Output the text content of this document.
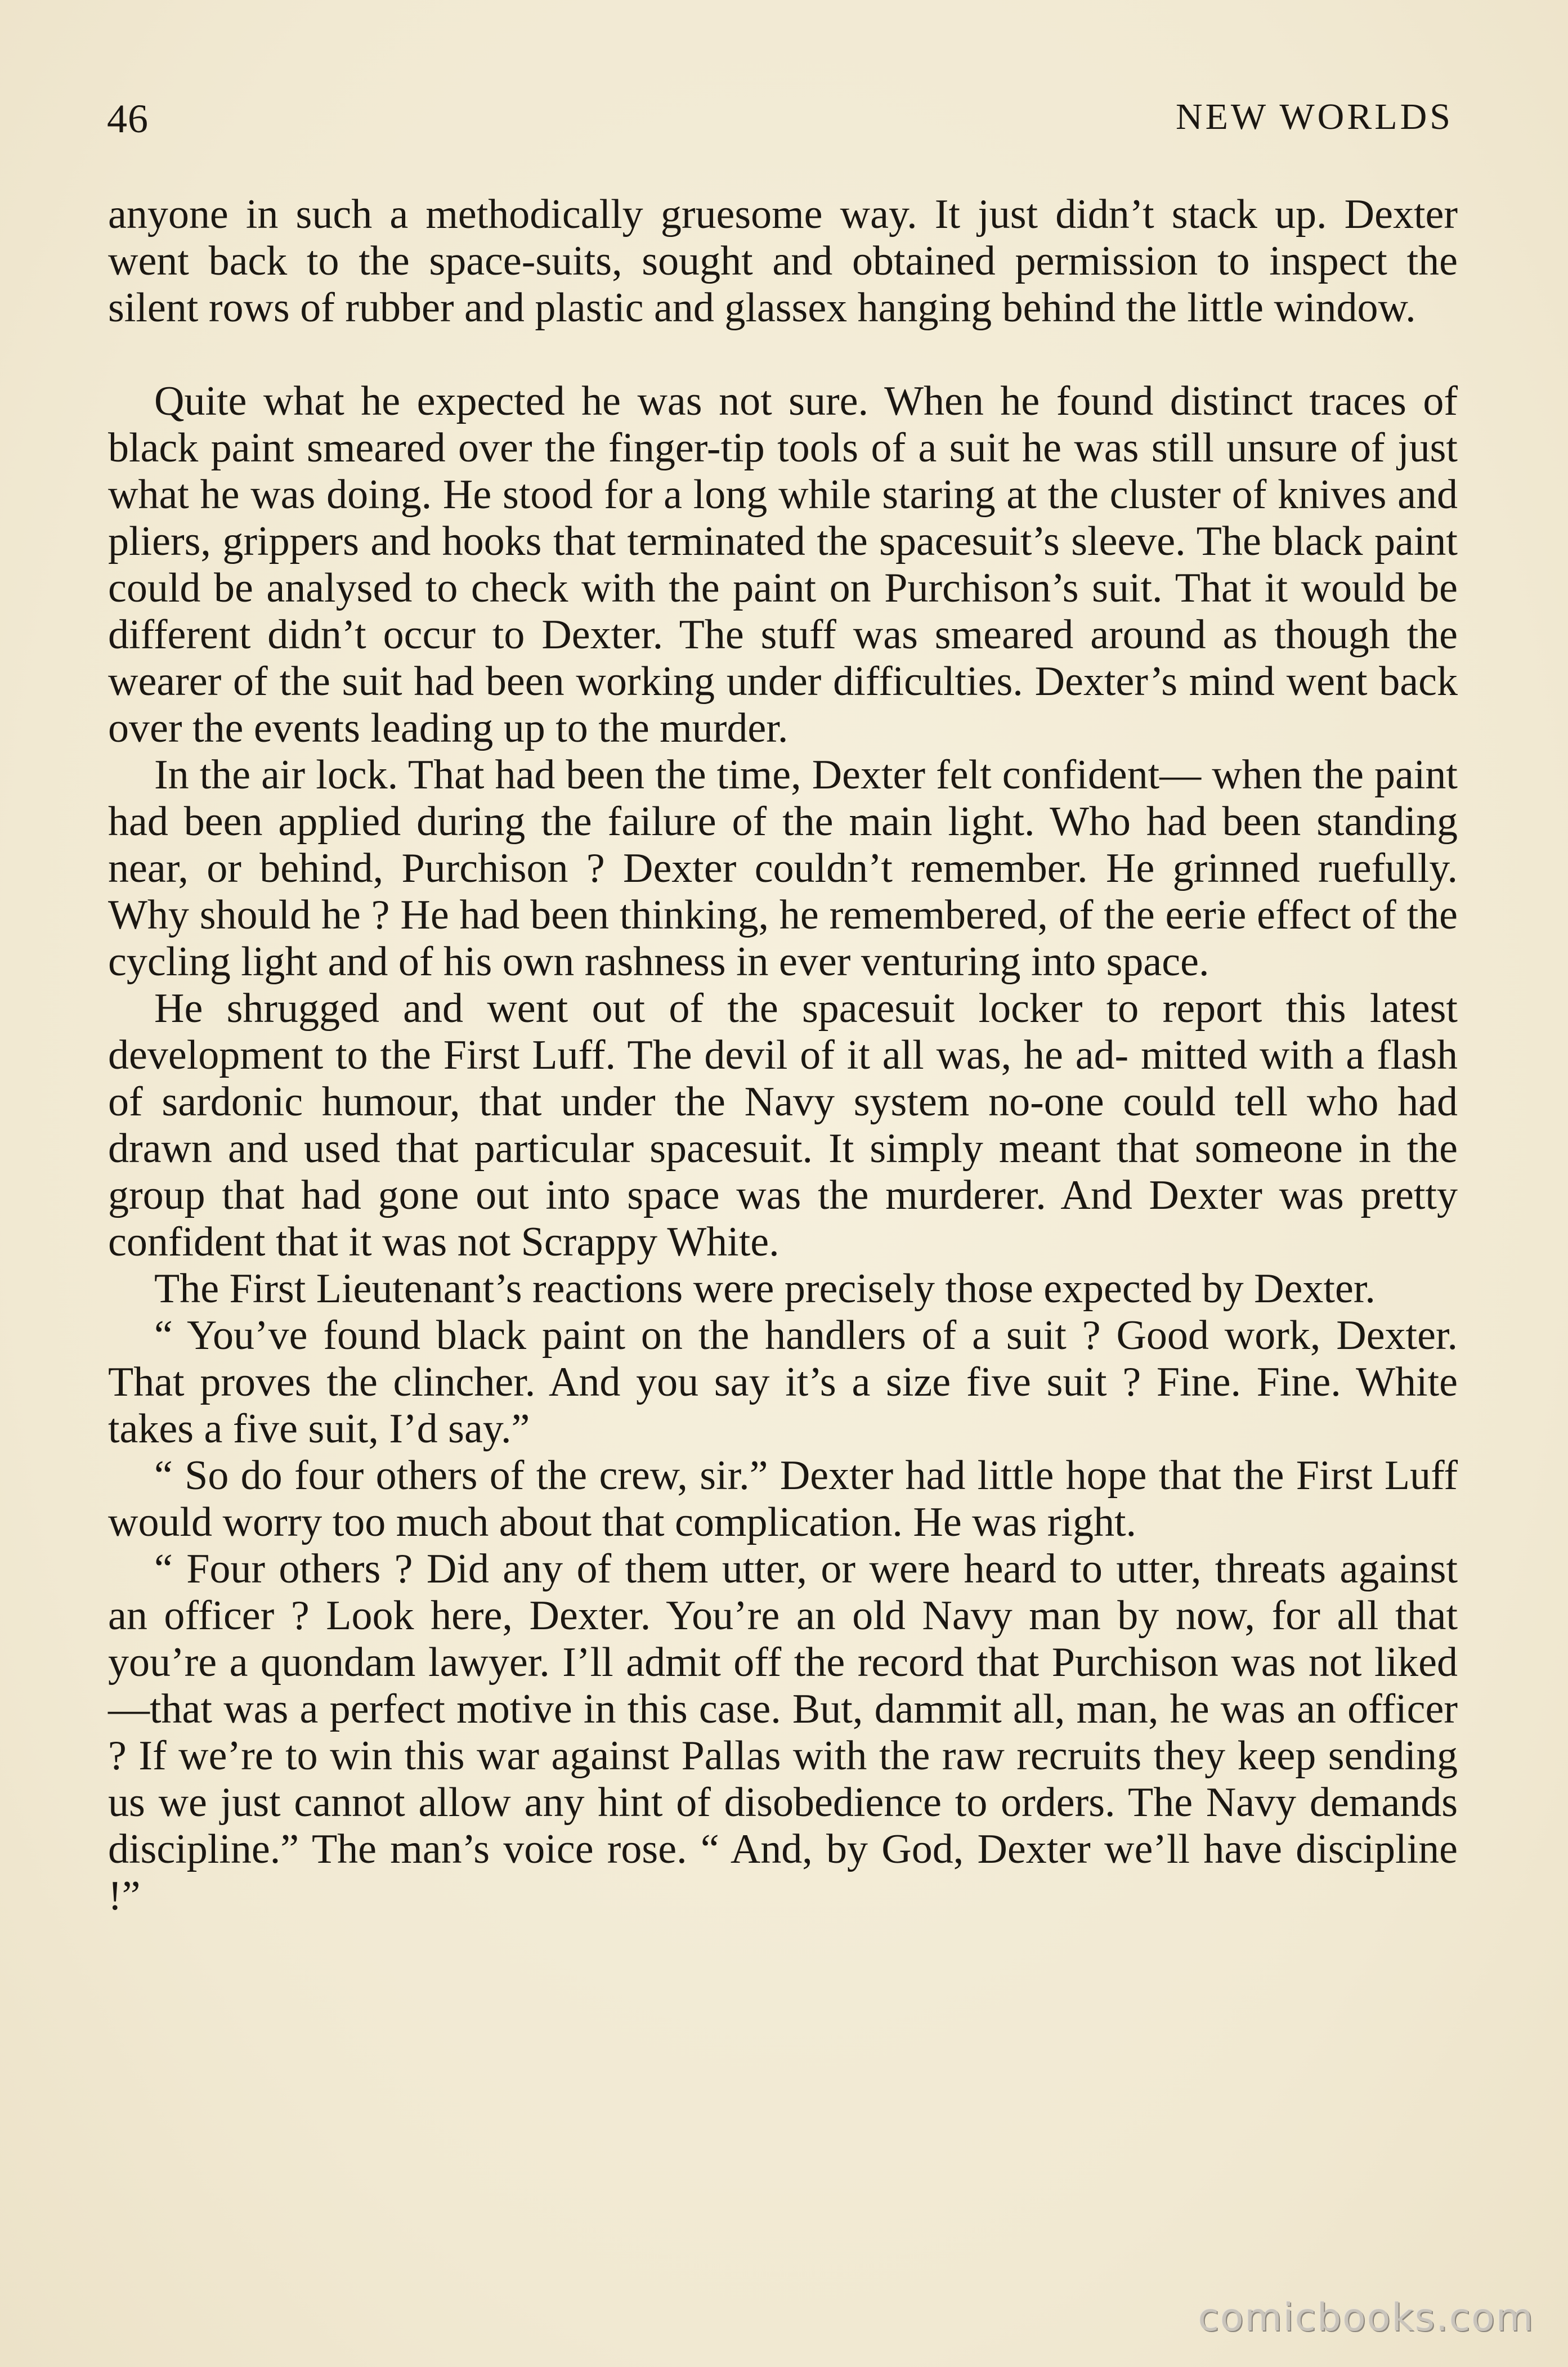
46	NEW WORLDS

anyone in such a methodically gruesome way. It just didn’t stack up. Dexter went back to the space-suits, sought and obtained permission to inspect the silent rows of rubber and plastic and glassex hanging behind the little window.

Quite what he expected he was not sure. When he found distinct traces of black paint smeared over the finger-tip tools of a suit he was still unsure of just what he was doing. He stood for a long while staring at the cluster of knives and pliers, grippers and hooks that terminated the spacesuit’s sleeve. The black paint could be analysed to check with the paint on Purchison’s suit. That it would be different didn’t occur to Dexter. The stuff was smeared around as though the wearer of the suit had been working under difficulties. Dexter’s mind went back over the events leading up to the murder.

In the air lock. That had been the time, Dexter felt confident— when the paint had been applied during the failure of the main light. Who had been standing near, or behind, Purchison ? Dexter couldn’t remember. He grinned ruefully. Why should he ? He had been thinking, he remembered, of the eerie effect of the cycling light and of his own rashness in ever venturing into space.

He shrugged and went out of the spacesuit locker to report this latest development to the First Luff. The devil of it all was, he ad- mitted with a flash of sardonic humour, that under the Navy system no-one could tell who had drawn and used that particular spacesuit. It simply meant that someone in the group that had gone out into space was the murderer. And Dexter was pretty confident that it was not Scrappy White.

The First Lieutenant’s reactions were precisely those expected by Dexter.

“ You’ve found black paint on the handlers of a suit ? Good work, Dexter. That proves the clincher. And you say it’s a size five suit ? Fine. Fine. White takes a five suit, I’d say.”

“ So do four others of the crew, sir.” Dexter had little hope that the First Luff would worry too much about that complication. He was right.

“ Four others ? Did any of them utter, or were heard to utter, threats against an officer ? Look here, Dexter. You’re an old Navy man by now, for all that you’re a quondam lawyer. I’ll admit off the record that Purchison was not liked—that was a perfect motive in this case. But, dammit all, man, he was an officer ? If we’re to win this war against Pallas with the raw recruits they keep sending us we just cannot allow any hint of disobedience to orders. The Navy demands discipline.” The man’s voice rose. “ And, by God, Dexter we’ll have discipline !”

comicbooks.com
